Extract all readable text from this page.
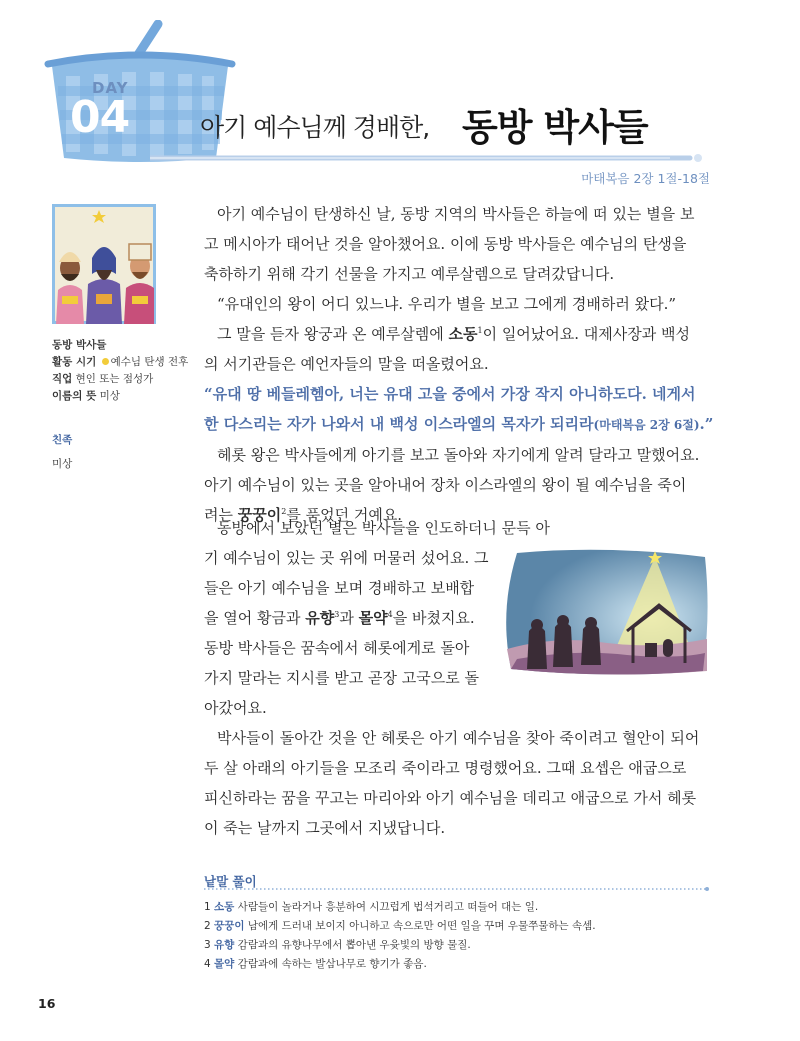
DAY
04	아기 예수님께 경배한, 동방 박사들
마태복음 2장 1절-18절
동방 박사들
활동 시기 예수님 탄생 전후
직업 현인 또는 점성가
이름의 뜻 미상
친족
미상
아기 예수님이 탄생하신 날, 동방 지역의 박사들은 하늘에 떠 있는 별을 보
고 메시아가 태어난 것을 알아챘어요. 이에 동방 박사들은 예수님의 탄생을
축하하기 위해 각기 선물을 가지고 예루살렘으로 달려갔답니다.
“유대인의 왕이 어디 있느냐. 우리가 별을 보고 그에게 경배하러 왔다.”
그 말을 듣자 왕궁과 온 예루살렘에 소동$^1$이 일어났어요. 대제사장과 백성
의 서기관들은 예언자들의 말을 떠올렸어요.
“유대 땅 베들레헴아, 너는 유대 고을 중에서 가장 작지 아니하도다. 네게서
한 다스리는 자가 나와서 내 백성 이스라엘의 목자가 되리라(마태복음 2장 6절).”
헤롯 왕은 박사들에게 아기를 보고 돌아와 자기에게 알려 달라고 말했어요.
아기 예수님이 있는 곳을 알아내어 장차 이스라엘의 왕이 될 예수님을 죽이
려는 꿍꿍이$^2$를 품었던 거예요.
동방에서 보았던 별은 박사들을 인도하더니 문득 아
기 예수님이 있는 곳 위에 머물러 섰어요. 그
들은 아기 예수님을 보며 경배하고 보배합
을 열어 황금과 유향$^3$과 몰약$^4$을 바쳤지요.
동방 박사들은 꿈속에서 헤롯에게로 돌아
가지 말라는 지시를 받고 곧장 고국으로 돌
아갔어요.
박사들이 돌아간 것을 안 헤롯은 아기 예수님을 찾아 죽이려고 혈안이 되어
두 살 아래의 아기들을 모조리 죽이라고 명령했어요. 그때 요셉은 애굽으로
피신하라는 꿈을 꾸고는 마리아와 아기 예수님을 데리고 애굽으로 가서 헤롯
이 죽는 날까지 그곳에서 지냈답니다.
낱말 풀이
1 소동 사람들이 놀라거나 흥분하여 시끄럽게 법석거리고 떠들어 대는 일.
2 꿍꿍이 남에게 드러내 보이지 아니하고 속으로만 어떤 일을 꾸며 우물쭈물하는 속셈.
3 유향 감람과의 유향나무에서 뽑아낸 우윳빛의 방향 물질.
4 몰약 감람과에 속하는 발삼나무로 향기가 좋음.
16
